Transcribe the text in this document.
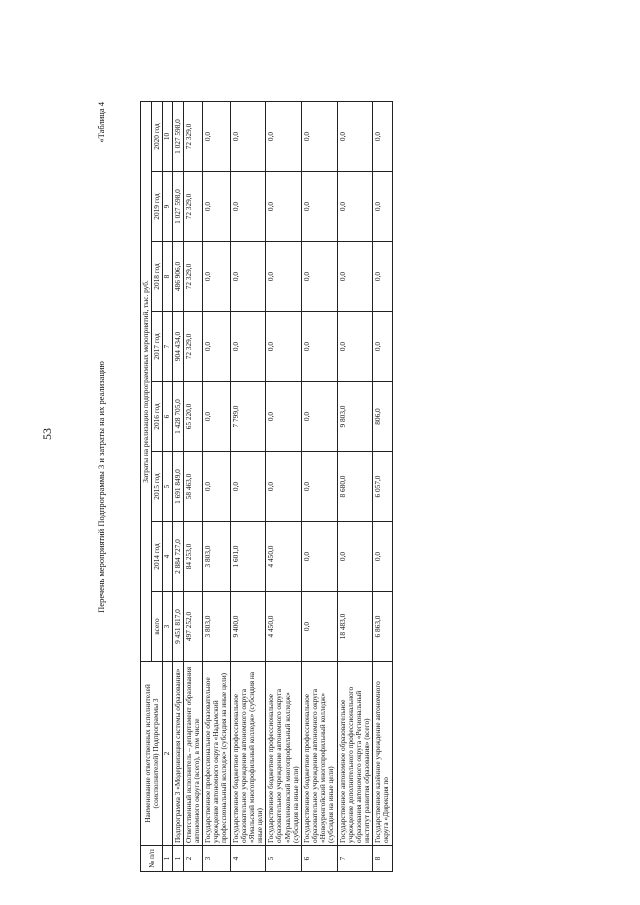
53
«Таблица 4
Перечень мероприятий Подпрограммы 3 и затраты на их реализацию
№ п/п	Наименование ответственных исполнителей (соисполнителей) Подпрограммы 3	Затраты на реализацию подпрограммных мероприятий, тыс. руб.							
		всего	2014 год	2015 год	2016 год	2017 год	2018 год	2019 год	2020 год
1	2	3	4	5	6	7	8	9	10
1	Подпрограмма 3 «Модернизация системы образования»	9 451 817,0	2 884 727,0	1 691 849,0	1 428 705,0	904 434,0	486 906,0	1 027 598,0	1 027 598,0
2	Ответственный исполнитель – департамент образования автономного округа (всего), в том числе	497 252,0	84 253,0	58 463,0	65 220,0	72 329,0	72 329,0	72 329,0	72 329,0
3	Государственное профессиональное образовательное учреждение автономного округа «Надымский профессиональный колледж» (субсидия на иные цели)	3 803,0	3 803,0	0,0	0,0	0,0	0,0	0,0	0,0
4	Государственное бюджетное профессиональное образовательное учреждение автономного округа «Ямальский многопрофильный колледж» (субсидия на иные цели)	9 400,0	1 601,0	0,0	7 799,0	0,0	0,0	0,0	0,0
5	Государственное бюджетное профессиональное образовательное учреждение автономного округа «Муравленковский многопрофильный колледж» (субсидия на иные цели)	4 450,0	4 450,0	0,0	0,0	0,0	0,0	0,0	0,0
6	Государственное бюджетное профессиональное образовательное учреждение автономного округа «Новоуренгойский многопрофильный колледж» (субсидия на иные цели)	0,0	0,0	0,0	0,0	0,0	0,0	0,0	0,0
7	Государственное автономное образовательное учреждение дополнительного профессионального образования автономного округа «Региональный институт развития образования» (всего)	18 483,0	0,0	8 680,0	9 803,0	0,0	0,0	0,0	0,0
8	Государственное казённое учреждение автономного округа «Дирекция по	6 863,0	0,0	6 057,0	806,0	0,0	0,0	0,0	0,0
